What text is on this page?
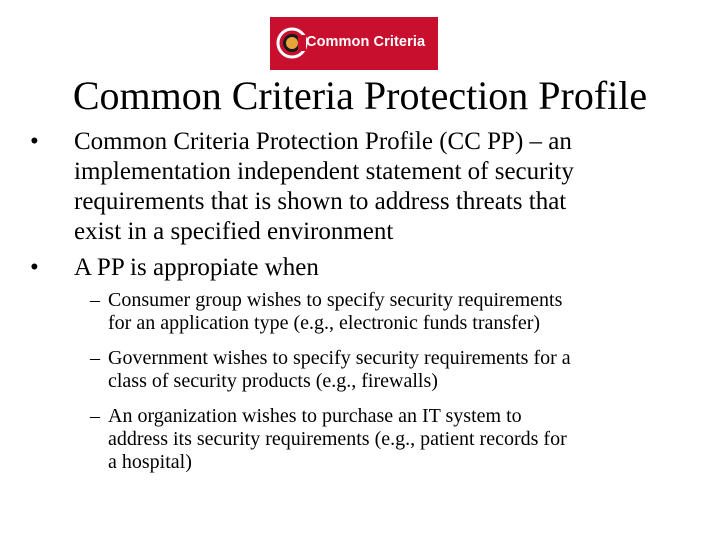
Common Criteria
Common Criteria Protection Profile
•	Common Criteria Protection Profile (CC PP) – an
implementation independent statement of security
requirements that is shown to address threats that
exist in a specified environment
•	A PP is appropiate when
– Consumer group wishes to specify security requirements
for an application type (e.g., electronic funds transfer)
– Government wishes to specify security requirements for a
class of security products (e.g., firewalls)
– An organization wishes to purchase an IT system to
address its security requirements (e.g., patient records for
a hospital)
